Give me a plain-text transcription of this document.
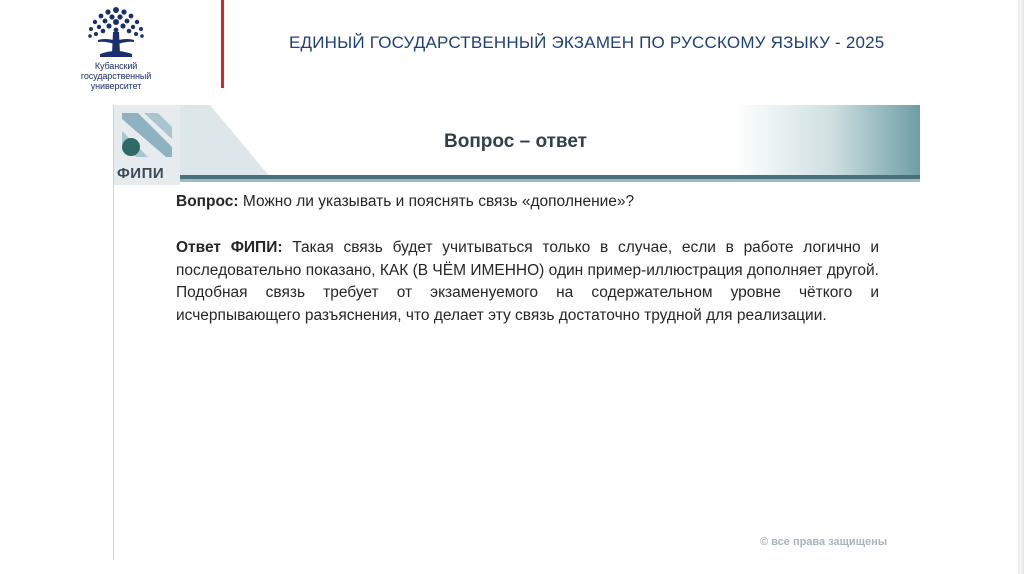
Кубанский
государственный
университет
ЕДИНЫЙ ГОСУДАРСТВЕННЫЙ ЭКЗАМЕН ПО РУССКОМУ ЯЗЫКУ - 2025
ФИПИ
Вопрос – ответ
Вопрос: Можно ли указывать и пояснять связь «дополнение»?
Ответ ФИПИ: Такая связь будет учитываться только в случае, если в работе логично и последовательно показано, КАК (В ЧЁМ ИМЕННО) один пример-иллюстрация дополняет другой. Подобная связь требует от экзаменуемого на содержательном уровне чёткого и исчерпывающего разъяснения, что делает эту связь достаточно трудной для реализации.
© все права защищены
